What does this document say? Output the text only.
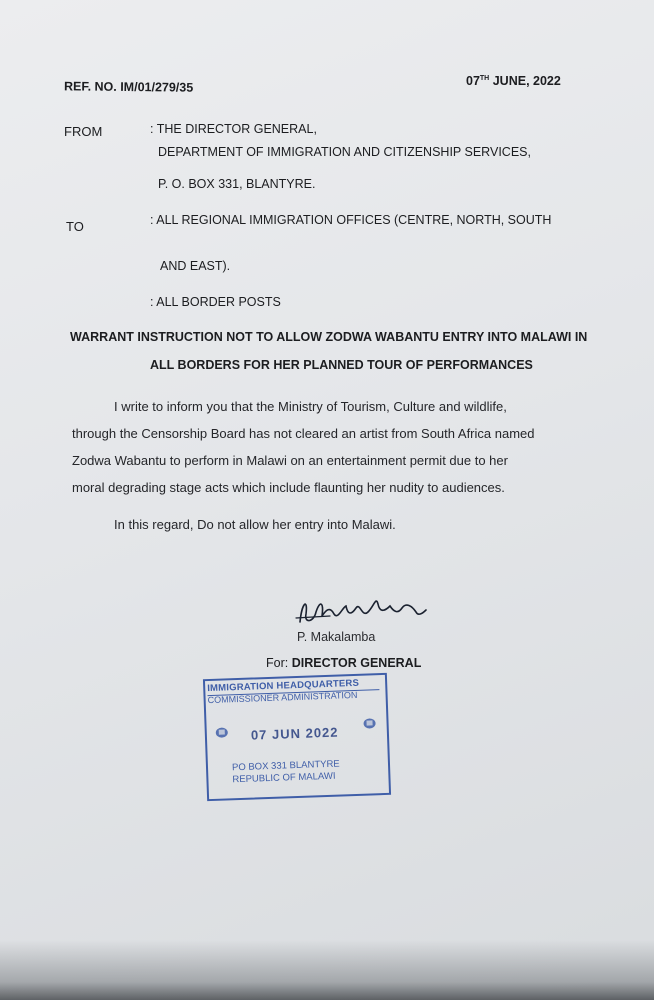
REF. NO. IM/01/279/35	07TH JUNE, 2022
FROM	: THE DIRECTOR GENERAL,
DEPARTMENT OF IMMIGRATION AND CITIZENSHIP SERVICES,
P. O. BOX 331, BLANTYRE.
TO	: ALL REGIONAL IMMIGRATION OFFICES (CENTRE, NORTH, SOUTH
AND EAST).
: ALL BORDER POSTS
WARRANT INSTRUCTION NOT TO ALLOW ZODWA WABANTU ENTRY INTO MALAWI IN
ALL BORDERS FOR HER PLANNED TOUR OF PERFORMANCES
I write to inform you that the Ministry of Tourism, Culture and wildlife,
through the Censorship Board has not cleared an artist from South Africa named
Zodwa Wabantu to perform in Malawi on an entertainment permit due to her
moral degrading stage acts which include flaunting her nudity to audiences.
In this regard, Do not allow her entry into Malawi.
P. Makalamba
For: DIRECTOR GENERAL
IMMIGRATION HEADQUARTERS
COMMISSIONER ADMINISTRATION
07 JUN 2022
PO BOX 331 BLANTYRE
REPUBLIC OF MALAWI
